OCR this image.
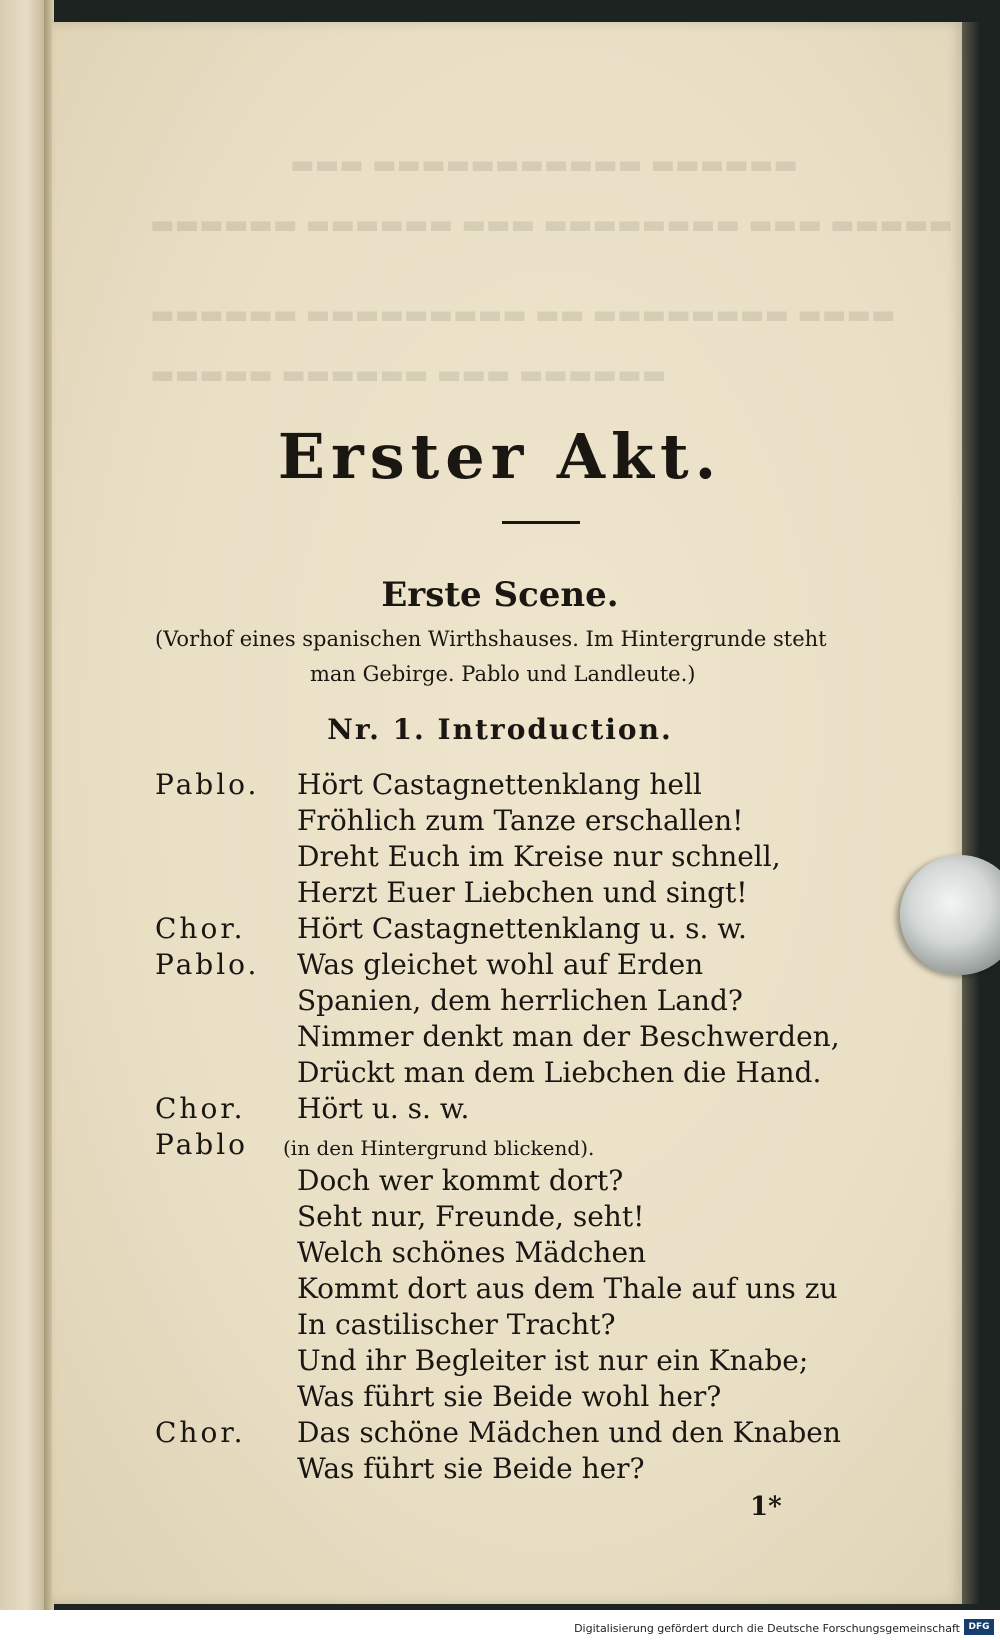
▬▬▬ ▬▬▬▬▬▬▬▬▬▬▬ ▬▬▬▬▬▬
▬▬▬▬▬▬ ▬▬▬▬▬▬ ▬▬▬ ▬▬▬▬▬▬▬▬ ▬▬▬ ▬▬▬▬▬
▬▬▬▬▬▬ ▬▬▬▬▬▬▬▬▬ ▬▬ ▬▬▬▬▬▬▬▬ ▬▬▬▬
▬▬▬▬▬ ▬▬▬▬▬▬ ▬▬▬ ▬▬▬▬▬▬
Erster Akt.
Erste Scene.
(Vorhof eines spanischen Wirthshauses. Im Hintergrunde steht
man Gebirge. Pablo und Landleute.)
Nr. 1. Introduction.
Pablo. Hört Castagnettenklang hell
Fröhlich zum Tanze erschallen!
Dreht Euch im Kreise nur schnell,
Herzt Euer Liebchen und singt!
Chor. Hört Castagnettenklang u. s. w.
Pablo. Was gleichet wohl auf Erden
Spanien, dem herrlichen Land?
Nimmer denkt man der Beschwerden,
Drückt man dem Liebchen die Hand.
Chor. Hört u. s. w.
Pablo (in den Hintergrund blickend).
Doch wer kommt dort?
Seht nur, Freunde, seht!
Welch schönes Mädchen
Kommt dort aus dem Thale auf uns zu
In castilischer Tracht?
Und ihr Begleiter ist nur ein Knabe;
Was führt sie Beide wohl her?
Chor. Das schöne Mädchen und den Knaben
Was führt sie Beide her?
1*
Digitalisierung gefördert durch die Deutsche Forschungsgemeinschaft DFG
